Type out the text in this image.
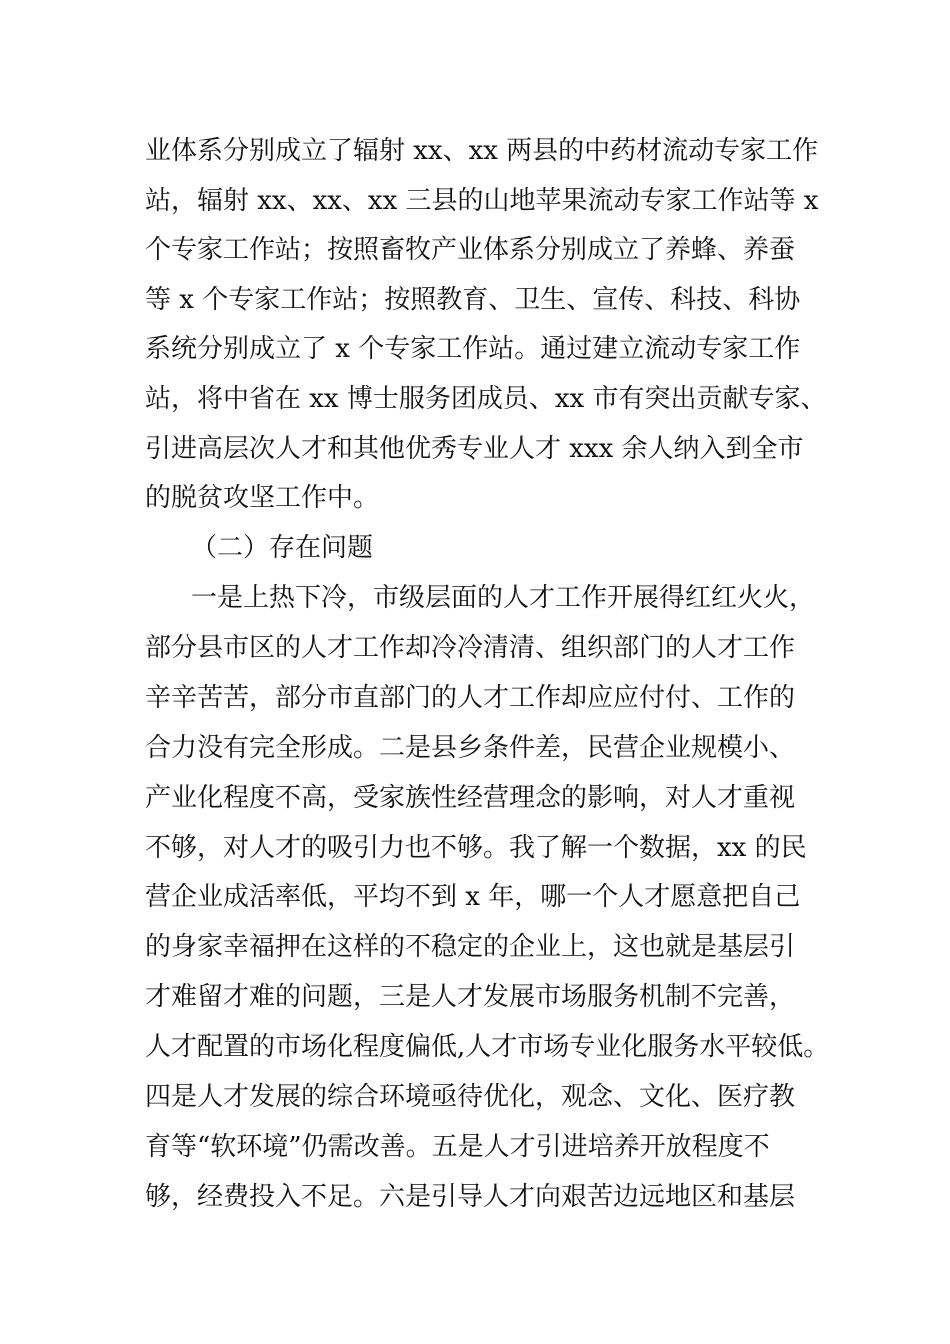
业体系分别成立了辐射 xx、xx 两县的中药材流动专家工作
站，辐射 xx、xx、xx 三县的山地苹果流动专家工作站等 x
个专家工作站；按照畜牧产业体系分别成立了养蜂、养蚕
等 x 个专家工作站；按照教育、卫生、宣传、科技、科协
系统分别成立了 x 个专家工作站。通过建立流动专家工作
站，将中省在 xx 博士服务团成员、xx 市有突出贡献专家、
引进高层次人才和其他优秀专业人才 xxx 余人纳入到全市
的脱贫攻坚工作中。
（二）存在问题
一是上热下冷，市级层面的人才工作开展得红红火火，
部分县市区的人才工作却冷冷清清、组织部门的人才工作
辛辛苦苦，部分市直部门的人才工作却应应付付、工作的
合力没有完全形成。二是县乡条件差，民营企业规模小、
产业化程度不高，受家族性经营理念的影响，对人才重视
不够，对人才的吸引力也不够。我了解一个数据，xx 的民
营企业成活率低，平均不到 x 年，哪一个人才愿意把自己
的身家幸福押在这样的不稳定的企业上，这也就是基层引
才难留才难的问题，三是人才发展市场服务机制不完善，
人才配置的市场化程度偏低,人才市场专业化服务水平较低。
四是人才发展的综合环境亟待优化，观念、文化、医疗教
育等“软环境”仍需改善。五是人才引进培养开放程度不
够，经费投入不足。六是引导人才向艰苦边远地区和基层
